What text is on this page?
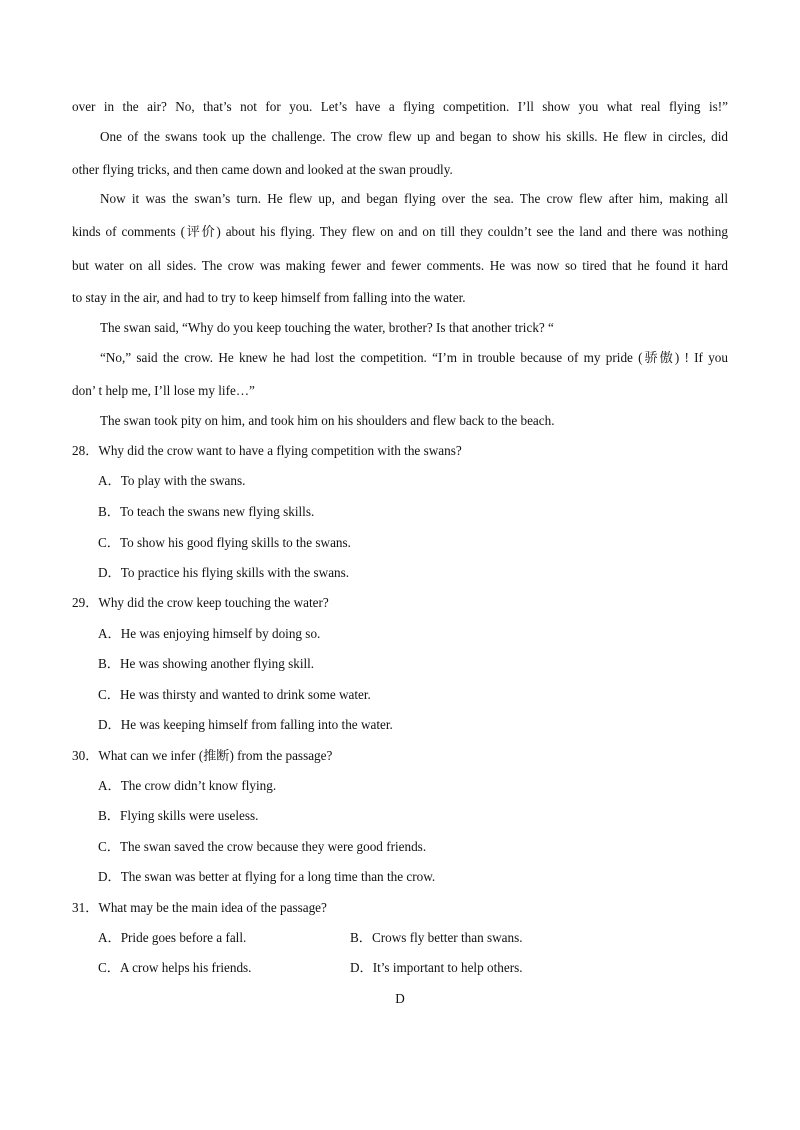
over in the air? No, that’s not for you. Let’s have a flying competition. I’ll show you what real flying is!”
One of the swans took up the challenge. The crow flew up and began to show his skills. He flew in circles, did
other flying tricks, and then came down and looked at the swan proudly.
Now it was the swan’s turn. He flew up, and began flying over the sea. The crow flew after him, making all
kinds of comments (评价) about his flying. They flew on and on till they couldn’t see the land and there was nothing
but water on all sides. The crow was making fewer and fewer comments. He was now so tired that he found it hard
to stay in the air, and had to try to keep himself from falling into the water.
The swan said, “Why do you keep touching the water, brother? Is that another trick? “
“No,” said the crow. He knew he had lost the competition. “I’m in trouble because of my pride (骄傲) ! If you
don’ t help me, I’ll lose my life…”
The swan took pity on him, and took him on his shoulders and flew back to the beach.
28．Why did the crow want to have a flying competition with the swans?
A．To play with the swans.
B．To teach the swans new flying skills.
C．To show his good flying skills to the swans.
D．To practice his flying skills with the swans.
29．Why did the crow keep touching the water?
A．He was enjoying himself by doing so.
B．He was showing another flying skill.
C．He was thirsty and wanted to drink some water.
D．He was keeping himself from falling into the water.
30．What can we infer (推断) from the passage?
A．The crow didn’t know flying.
B．Flying skills were useless.
C．The swan saved the crow because they were good friends.
D．The swan was better at flying for a long time than the crow.
31．What may be the main idea of the passage?
A．Pride goes before a fall.	B．Crows fly better than swans.
C．A crow helps his friends.	D．It’s important to help others.
D
